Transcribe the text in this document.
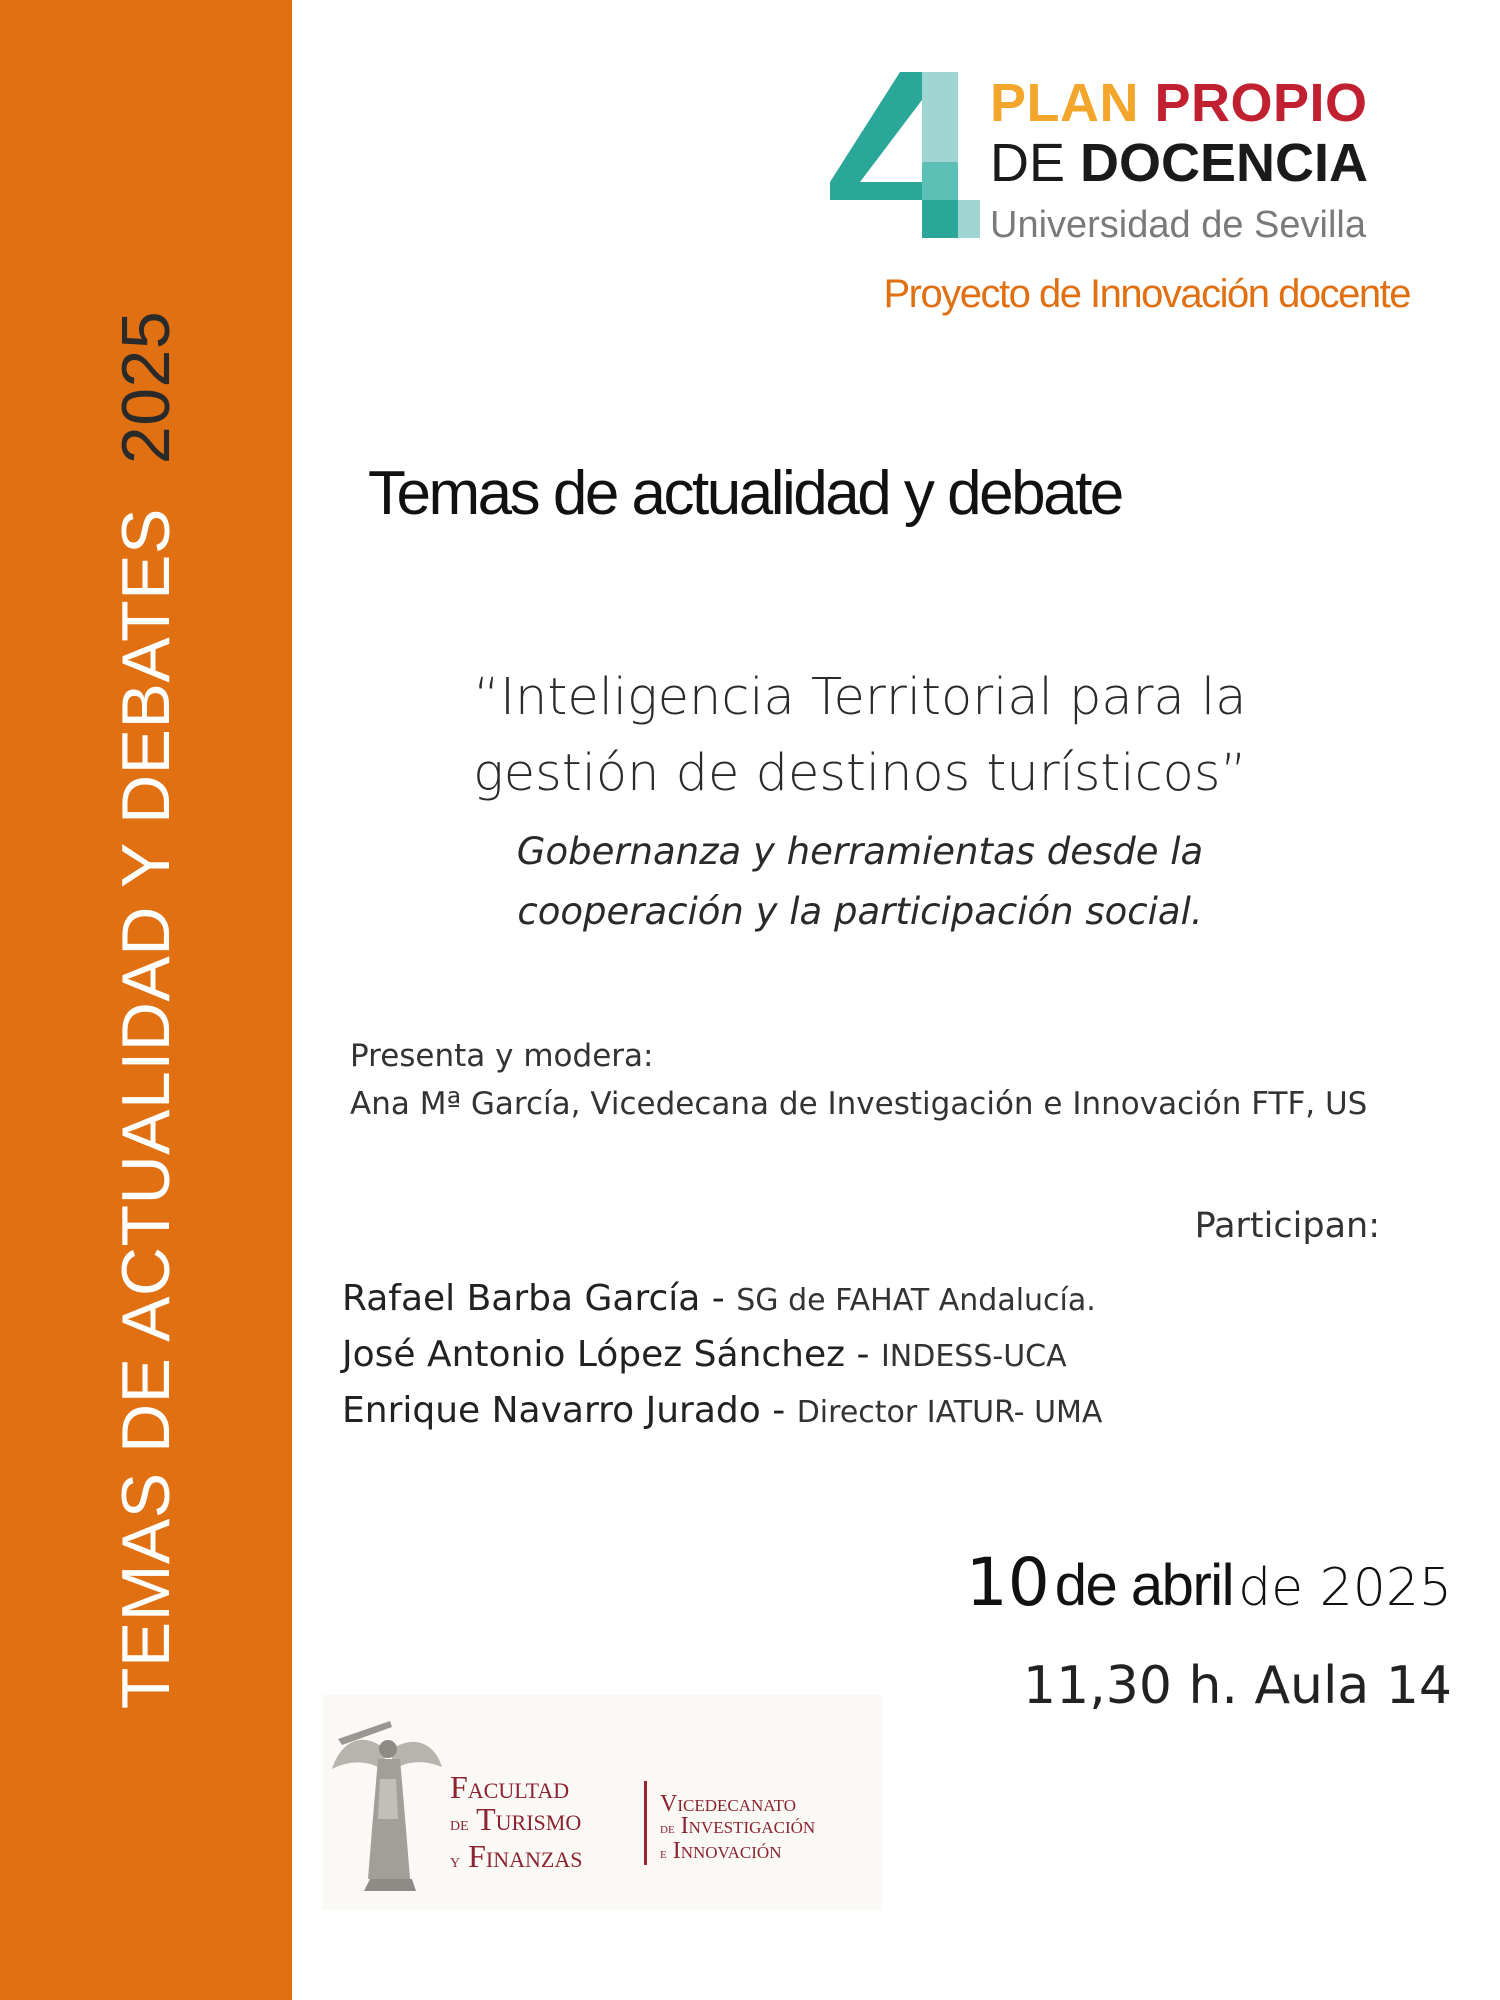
TEMAS DE ACTUALIDAD Y DEBATES2025
PLAN PROPIO
DE DOCENCIA
Universidad de Sevilla
Proyecto de Innovación docente
Temas de actualidad y debate

“Inteligencia Territorial para la
gestión de destinos turísticos”

Gobernanza y herramientas desde la
cooperación y la participación social.
Presenta y modera:
Ana Mª García, Vicedecana de Investigación e Innovación FTF, US
Participan:
Rafael Barba García - SG de FAHAT Andalucía.
José Antonio López Sánchez - INDESS-UCA
Enrique Navarro Jurado - Director IATUR- UMA
10 de abril de 2025
11,30 h. Aula 14
Facultad
de Turismo
y Finanzas
Vicedecanato
de Investigación
e Innovación
